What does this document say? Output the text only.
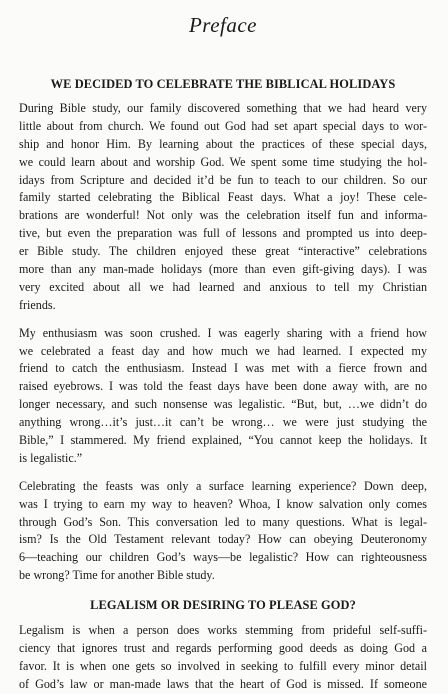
Preface
WE DECIDED TO CELEBRATE THE BIBLICAL HOLIDAYS
During Bible study, our family discovered something that we had heard very
little about from church. We found out God had set apart special days to wor-
ship and honor Him. By learning about the practices of these special days,
we could learn about and worship God. We spent some time studying the hol-
idays from Scripture and decided it’d be fun to teach to our children. So our
family started celebrating the Biblical Feast days. What a joy! These cele-
brations are wonderful! Not only was the celebration itself fun and informa-
tive, but even the preparation was full of lessons and prompted us into deep-
er Bible study. The children enjoyed these great “interactive” celebrations
more than any man-made holidays (more than even gift-giving days). I was
very excited about all we had learned and anxious to tell my Christian
friends.
My enthusiasm was soon crushed. I was eagerly sharing with a friend how
we celebrated a feast day and how much we had learned. I expected my
friend to catch the enthusiasm. Instead I was met with a fierce frown and
raised eyebrows. I was told the feast days have been done away with, are no
longer necessary, and such nonsense was legalistic. “But, but, …we didn’t do
anything wrong…it’s just…it can’t be wrong… we were just studying the
Bible,” I stammered. My friend explained, “You cannot keep the holidays. It
is legalistic.”
Celebrating the feasts was only a surface learning experience? Down deep,
was I trying to earn my way to heaven? Whoa, I know salvation only comes
through God’s Son. This conversation led to many questions. What is legal-
ism? Is the Old Testament relevant today? How can obeying Deuteronomy
6—teaching our children God’s ways—be legalistic? How can righteousness
be wrong? Time for another Bible study.
LEGALISM OR DESIRING TO PLEASE GOD?
Legalism is when a person does works stemming from prideful self-suffi-
ciency that ignores trust and regards performing good deeds as doing God a
favor. It is when one gets so involved in seeking to fulfill every minor detail
of God’s law or man-made laws that the heart of God is missed. If someone
